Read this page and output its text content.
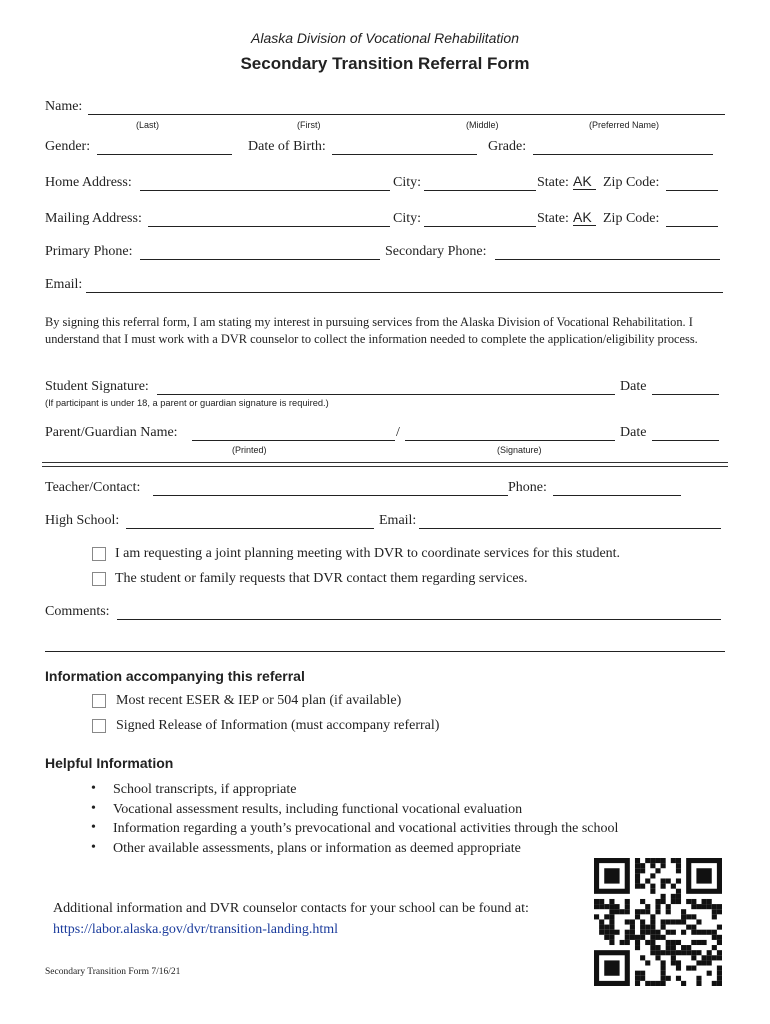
Alaska Division of Vocational Rehabilitation
Secondary Transition Referral Form
Name:
(Last)	(First)	(Middle)	(Preferred Name)
Gender:	Date of Birth:	Grade:
Home Address:	City:	State: AK Zip Code:
Mailing Address:	City:	State: AK Zip Code:
Primary Phone:	Secondary Phone:
Email:
By signing this referral form, I am stating my interest in pursuing services from the Alaska Division of Vocational Rehabilitation. I understand that I must work with a DVR counselor to collect the information needed to complete the application/eligibility process.
Student Signature:	Date
(If participant is under 18, a parent or guardian signature is required.)
Parent/Guardian Name:	/	Date
(Printed)	(Signature)
Teacher/Contact:	Phone:
High School:	Email:
I am requesting a joint planning meeting with DVR to coordinate services for this student.
The student or family requests that DVR contact them regarding services.
Comments:
Information accompanying this referral
Most recent ESER & IEP or 504 plan (if available)
Signed Release of Information (must accompany referral)
Helpful Information
• School transcripts, if appropriate
• Vocational assessment results, including functional vocational evaluation
• Information regarding a youth’s prevocational and vocational activities through the school
• Other available assessments, plans or information as deemed appropriate
Additional information and DVR counselor contacts for your school can be found at:
https://labor.alaska.gov/dvr/transition-landing.html
Secondary Transition Form 7/16/21
